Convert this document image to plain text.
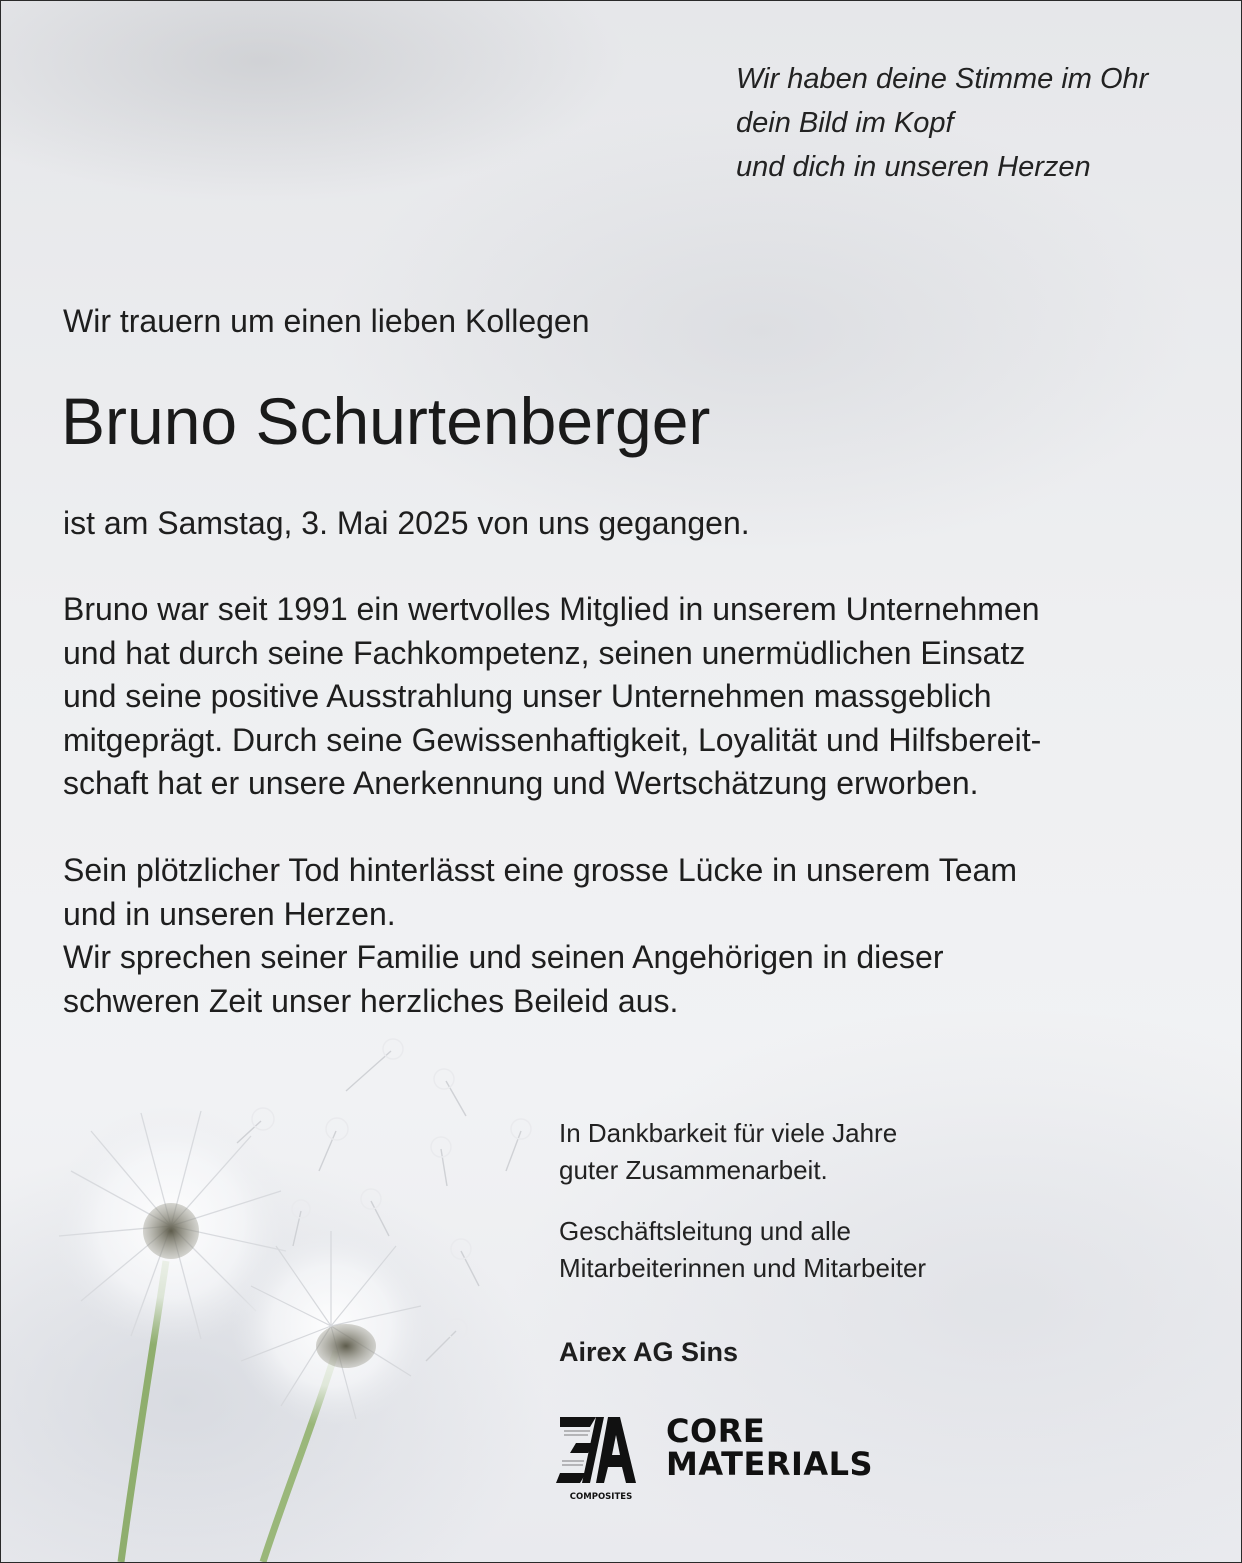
Wir haben deine Stimme im Ohr
dein Bild im Kopf
und dich in unseren Herzen
Wir trauern um einen lieben Kollegen
Bruno Schurtenberger
ist am Samstag, 3. Mai 2025 von uns gegangen.
Bruno war seit 1991 ein wertvolles Mitglied in unserem Unternehmen
und hat durch seine Fachkompetenz, seinen unermüdlichen Einsatz
und seine positive Ausstrahlung unser Unternehmen massgeblich
mitgeprägt. Durch seine Gewissenhaftigkeit, Loyalität und Hilfsbereit-
schaft hat er unsere Anerkennung und Wertschätzung erworben.
Sein plötzlicher Tod hinterlässt eine grosse Lücke in unserem Team
und in unseren Herzen.
Wir sprechen seiner Familie und seinen Angehörigen in dieser
schweren Zeit unser herzliches Beileid aus.
In Dankbarkeit für viele Jahre
guter Zusammenarbeit.
Geschäftsleitung und alle
Mitarbeiterinnen und Mitarbeiter
Airex AG Sins
COMPOSITES
CORE
MATERIALS
